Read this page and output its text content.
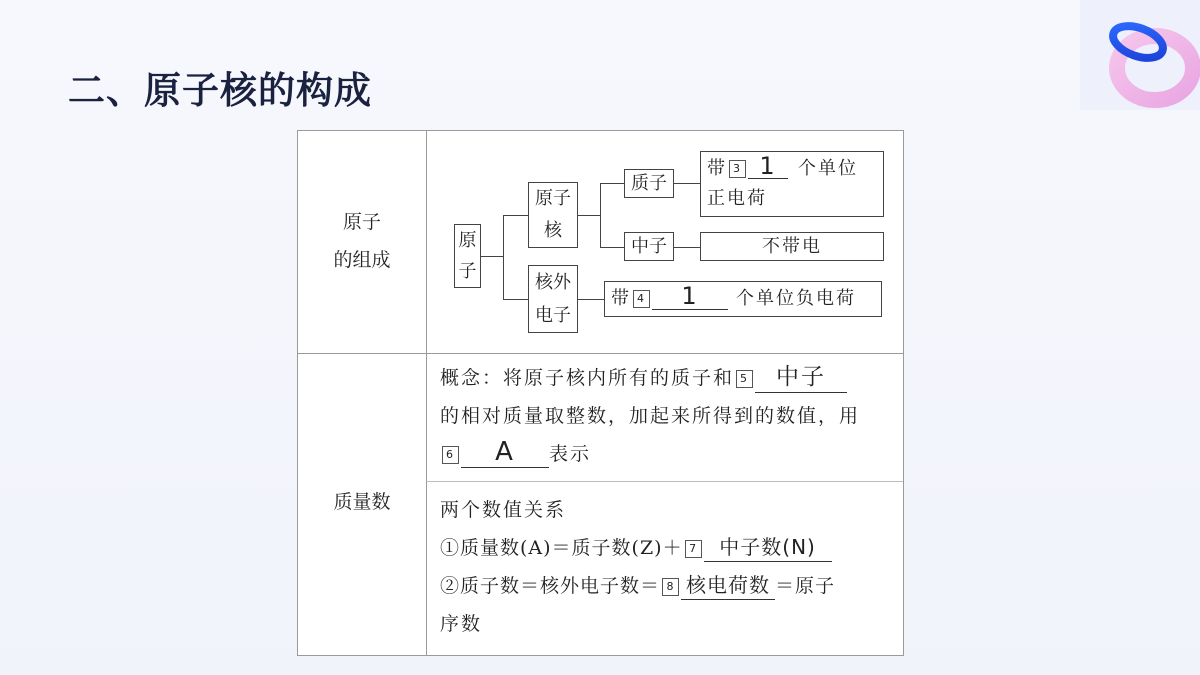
二、原子核的构成
原子
的组成
质量数
原
子
原子
核
核外
电子
质子
中子
带 3 1 个单位
正电荷
不带电
带 4 1 个单位负电荷
概念：将原子核内所有的质子和 5 中子
的相对质量取整数，加起来所得到的数值，用
6 A 表示
两个数值关系
①质量数(A)＝质子数(Z)＋ 7 中子数(N)
②质子数＝核外电子数＝ 8 核电荷数 ＝原子
序数
